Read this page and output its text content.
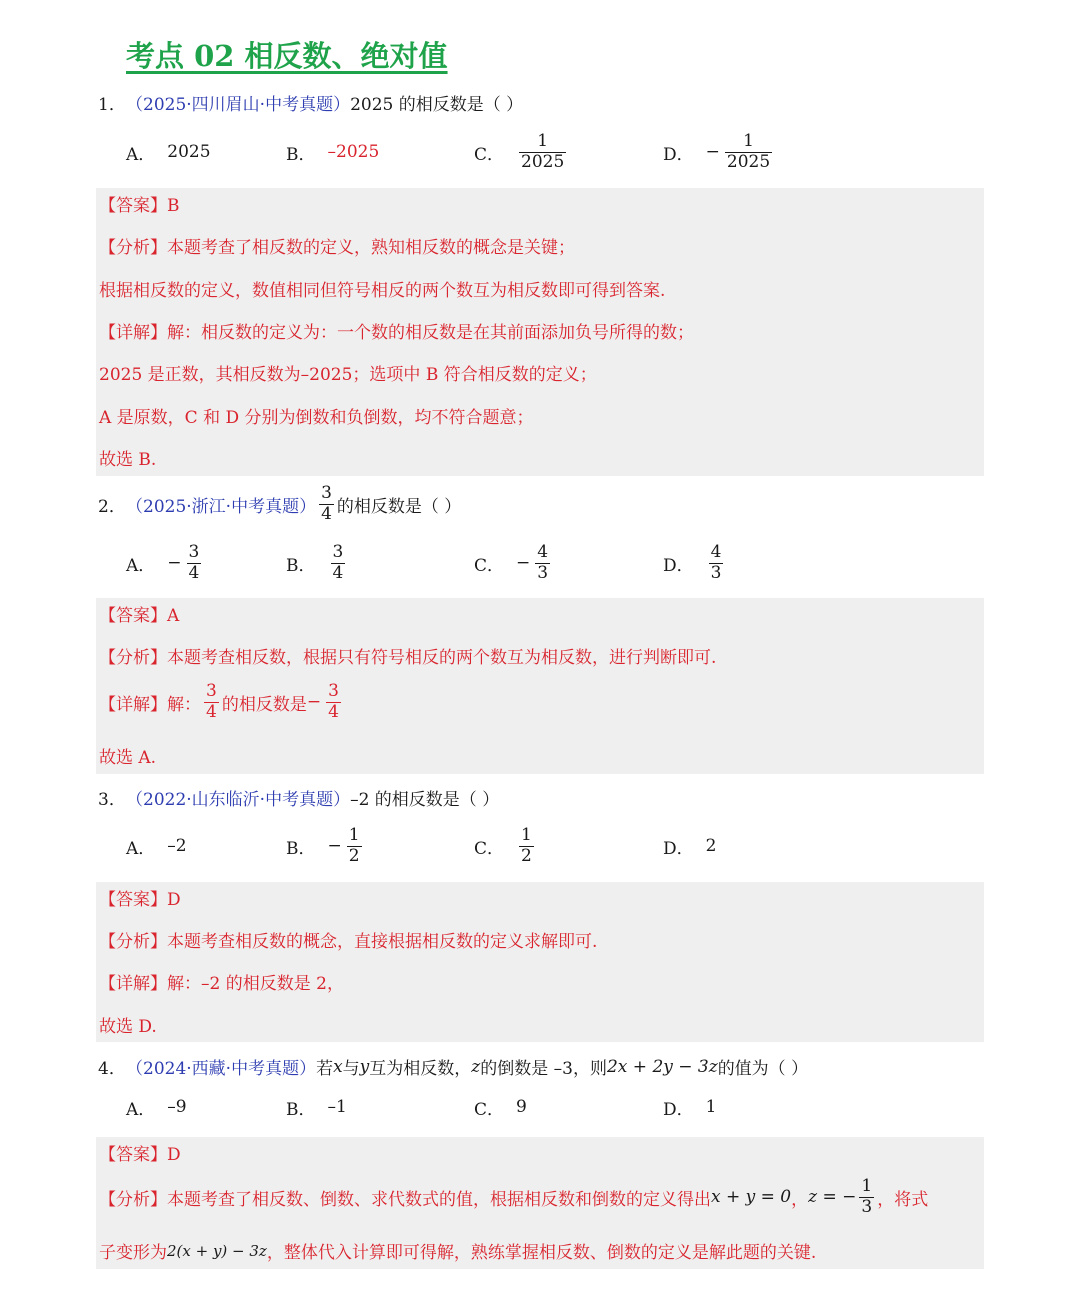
考点 02 相反数、绝对值
1． （2025·四川眉山·中考真题） 2025 的相反数是（ ）
A． 2025	B． –2025	C． $\frac{1}{2025}$	D． − $\frac{1}{2025}$
【答案】B
【分析】本题考查了相反数的定义，熟知相反数的概念是关键；
根据相反数的定义，数值相同但符号相反的两个数互为相反数即可得到答案.
【详解】解：相反数的定义为：一个数的相反数是在其前面添加负号所得的数；
2025 是正数，其相反数为–2025；选项中 B 符合相反数的定义；
A 是原数，C 和 D 分别为倒数和负倒数，均不符合题意；
故选 B.
2． （2025·浙江·中考真题） $\frac{3}{4}$ 的相反数是（ ）
A． − $\frac{3}{4}$	B． $\frac{3}{4}$	C． − $\frac{4}{3}$	D． $\frac{4}{3}$
【答案】A
【分析】本题考查相反数，根据只有符号相反的两个数互为相反数，进行判断即可.
【详解】解： $\frac{3}{4}$ 的相反数是 − $\frac{3}{4}$
故选 A.
3． （2022·山东临沂·中考真题） –2 的相反数是（ ）
A． –2	B． − $\frac{1}{2}$	C． $\frac{1}{2}$	D． 2
【答案】D
【分析】本题考查相反数的概念，直接根据相反数的定义求解即可.
【详解】解：–2 的相反数是 2，
故选 D.
4． （2024·西藏·中考真题） 若 x 与 y 互为相反数， z 的倒数是 –3，则 2x + 2y − 3z 的值为（ ）
A． –9	B． –1	C． 9	D． 1
【答案】D
【分析】本题考查了相反数、倒数、求代数式的值，根据相反数和倒数的定义得出 x + y = 0 ， z = − $\frac{1}{3}$ ，将式
子变形为 2(x + y) − 3z ，整体代入计算即可得解，熟练掌握相反数、倒数的定义是解此题的关键.
